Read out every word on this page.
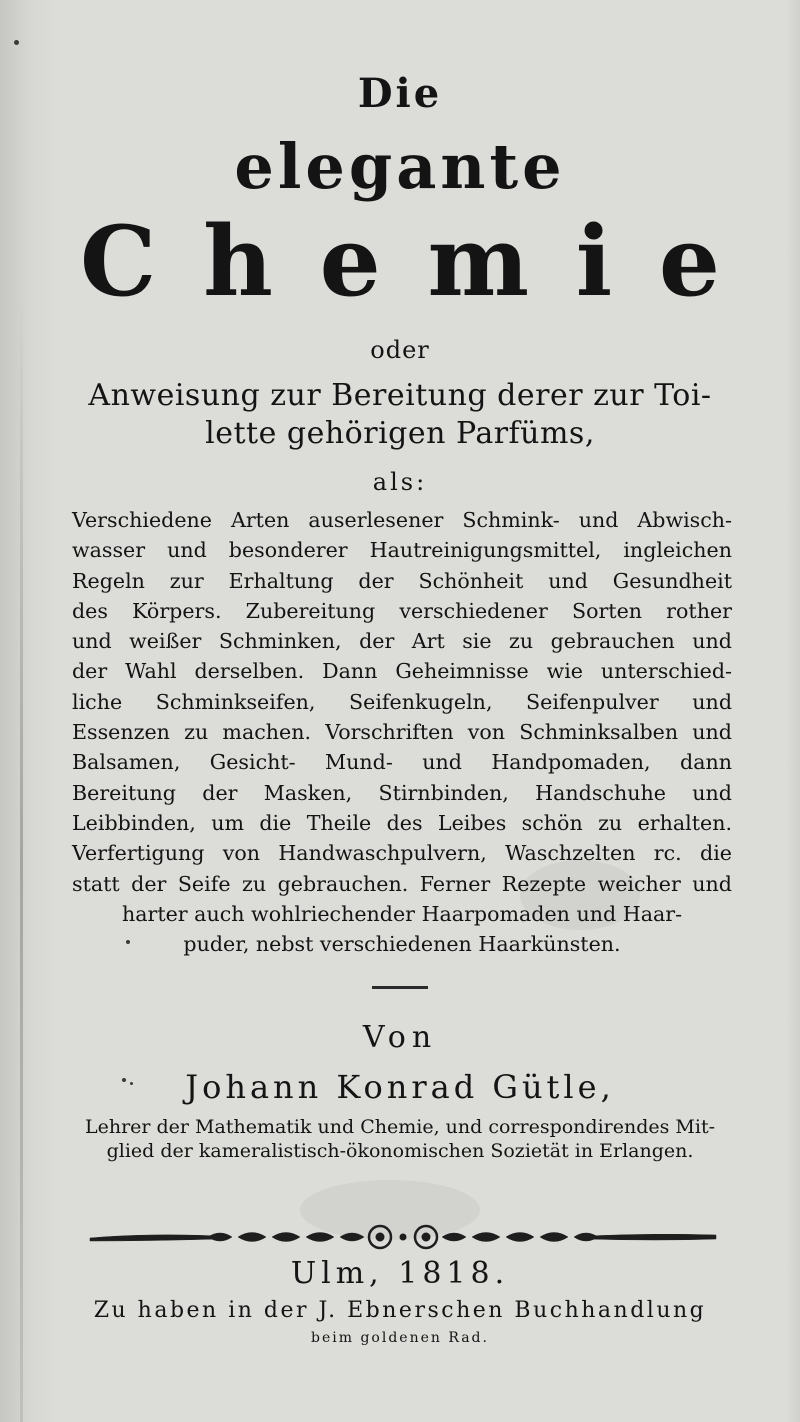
Die
elegante
C h e m i e
oder
Anweisung zur Bereitung derer zur Toi-
lette gehörigen Parfüms,
als:
Verschiedene Arten auserlesener Schmink- und Abwisch-
wasser und besonderer Hautreinigungsmittel, ingleichen
Regeln zur Erhaltung der Schönheit und Gesundheit
des Körpers. Zubereitung verschiedener Sorten rother
und weißer Schminken, der Art sie zu gebrauchen und
der Wahl derselben. Dann Geheimnisse wie unterschied-
liche Schminkseifen, Seifenkugeln, Seifenpulver und
Essenzen zu machen. Vorschriften von Schminksalben und
Balsamen, Gesicht- Mund- und Handpomaden, dann
Bereitung der Masken, Stirnbinden, Handschuhe und
Leibbinden, um die Theile des Leibes schön zu erhalten.
Verfertigung von Handwaschpulvern, Waschzelten rc. die
statt der Seife zu gebrauchen. Ferner Rezepte weicher und
harter auch wohlriechender Haarpomaden und Haar-
puder, nebst verschiedenen Haarkünsten.
Von
Johann Konrad Gütle,
Lehrer der Mathematik und Chemie, und correspondirendes Mit-
glied der kameralistisch-ökonomischen Sozietät in Erlangen.
Ulm, 1818.
Zu haben in der J. Ebnerschen Buchhandlung
beim goldenen Rad.
